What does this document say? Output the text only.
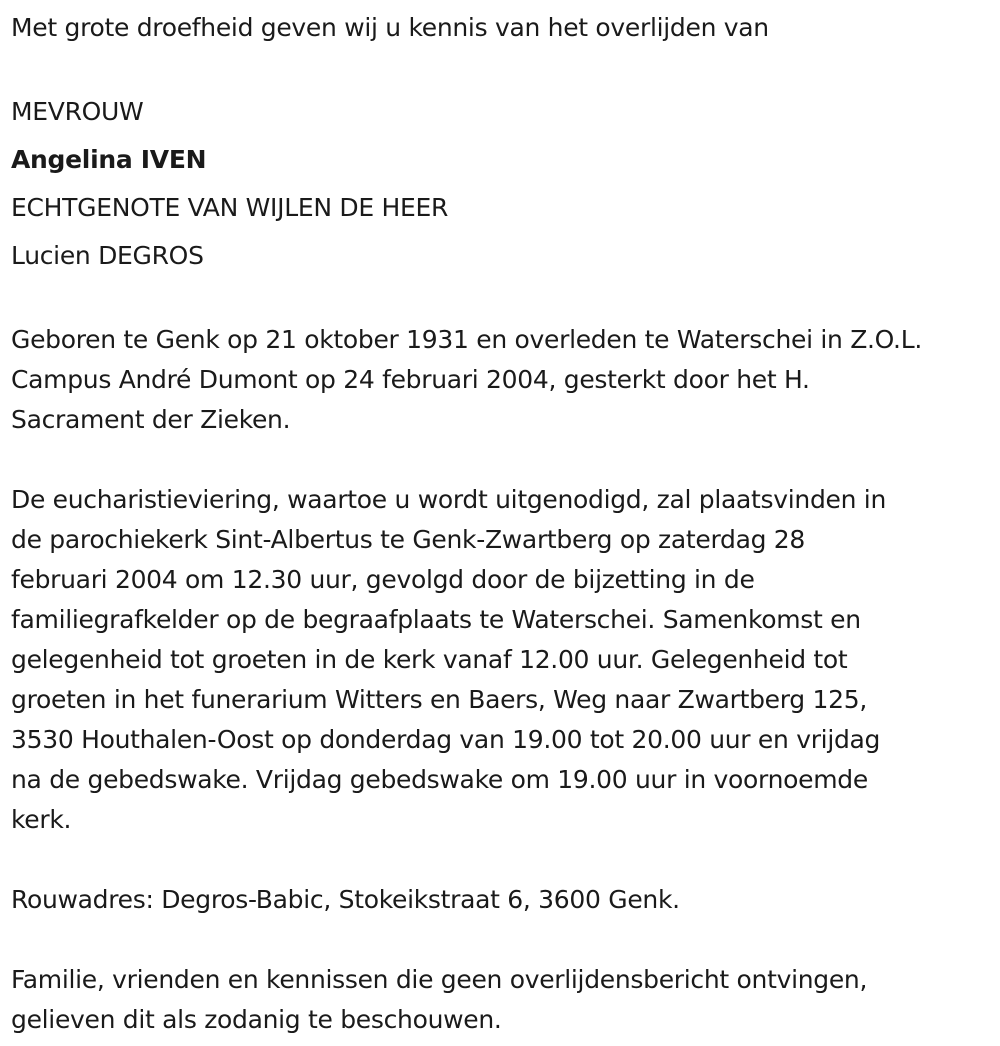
Met grote droefheid geven wij u kennis van het overlijden van

MEVROUW

Angelina IVEN

ECHTGENOTE VAN WIJLEN DE HEER

Lucien DEGROS

Geboren te Genk op 21 oktober 1931 en overleden te Waterschei in Z.O.L.

Campus André Dumont op 24 februari 2004, gesterkt door het H.

Sacrament der Zieken.

De eucharistieviering, waartoe u wordt uitgenodigd, zal plaatsvinden in

de parochiekerk Sint-Albertus te Genk-Zwartberg op zaterdag 28

februari 2004 om 12.30 uur, gevolgd door de bijzetting in de

familiegrafkelder op de begraafplaats te Waterschei. Samenkomst en

gelegenheid tot groeten in de kerk vanaf 12.00 uur. Gelegenheid tot

groeten in het funerarium Witters en Baers, Weg naar Zwartberg 125,

3530 Houthalen-Oost op donderdag van 19.00 tot 20.00 uur en vrijdag

na de gebedswake. Vrijdag gebedswake om 19.00 uur in voornoemde

kerk.

Rouwadres: Degros-Babic, Stokeikstraat 6, 3600 Genk.

Familie, vrienden en kennissen die geen overlijdensbericht ontvingen,

gelieven dit als zodanig te beschouwen.
